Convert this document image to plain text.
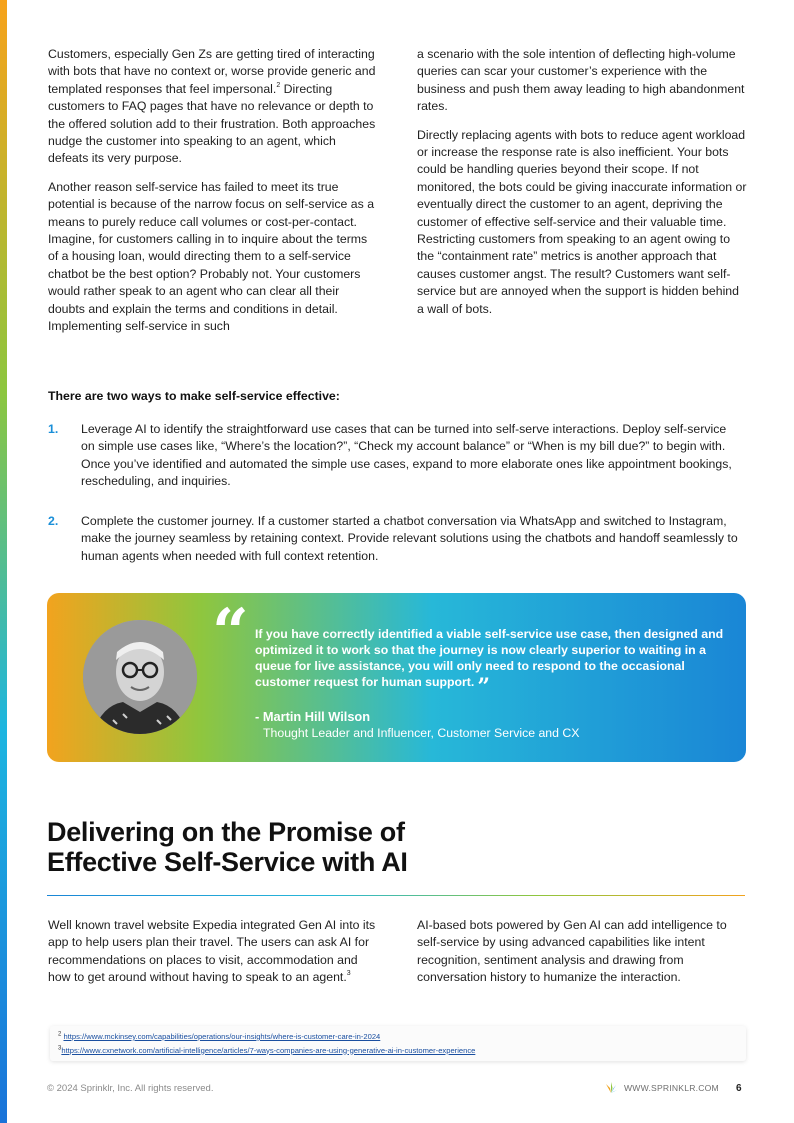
Customers, especially Gen Zs are getting tired of interacting with bots that have no context or, worse provide generic and templated responses that feel impersonal.$^2$ Directing customers to FAQ pages that have no relevance or depth to the offered solution add to their frustration. Both approaches nudge the customer into speaking to an agent, which defeats its very purpose.

Another reason self-service has failed to meet its true potential is because of the narrow focus on self-service as a means to purely reduce call volumes or cost-per-contact. Imagine, for customers calling in to inquire about the terms of a housing loan, would directing them to a self-service chatbot be the best option? Probably not. Your customers would rather speak to an agent who can clear all their doubts and explain the terms and conditions in detail. Implementing self-service in such

a scenario with the sole intention of deflecting high-volume queries can scar your customer’s experience with the business and push them away leading to high abandonment rates.

Directly replacing agents with bots to reduce agent workload or increase the response rate is also inefficient. Your bots could be handling queries beyond their scope. If not monitored, the bots could be giving inaccurate information or eventually direct the customer to an agent, depriving the customer of effective self-service and their valuable time. Restricting customers from speaking to an agent owing to the “containment rate” metrics is another approach that causes customer angst. The result? Customers want self-service but are annoyed when the support is hidden behind a wall of bots.

There are two ways to make self-service effective:
1. Leverage AI to identify the straightforward use cases that can be turned into self-serve interactions. Deploy self-service on simple use cases like, “Where’s the location?”, “Check my account balance” or “When is my bill due?” to begin with. Once you’ve identified and automated the simple use cases, expand to more elaborate ones like appointment bookings, rescheduling, and inquiries.
2. Complete the customer journey. If a customer started a chatbot conversation via WhatsApp and switched to Instagram, make the journey seamless by retaining context. Provide relevant solutions using the chatbots and handoff seamlessly to human agents when needed with full context retention.
“ If you have correctly identified a viable self-service use case, then designed and optimized it to work so that the journey is now clearly superior to waiting in a queue for live assistance, you will only need to respond to the occasional customer request for human support. ”
- Martin Hill Wilson
Thought Leader and Influencer, Customer Service and CX
Delivering on the Promise of
Effective Self-Service with AI

Well known travel website Expedia integrated Gen AI into its app to help users plan their travel. The users can ask AI for recommendations on places to visit, accommodation and how to get around without having to speak to an agent.$^3$

AI-based bots powered by Gen AI can add intelligence to self-service by using advanced capabilities like intent recognition, sentiment analysis and drawing from conversation history to humanize the interaction.

$^2$ https://www.mckinsey.com/capabilities/operations/our-insights/where-is-customer-care-in-2024
$^3$https://www.cxnetwork.com/artificial-intelligence/articles/7-ways-companies-are-using-generative-ai-in-customer-experience
© 2024 Sprinklr, Inc. All rights reserved.	WWW.SPRINKLR.COM 6
